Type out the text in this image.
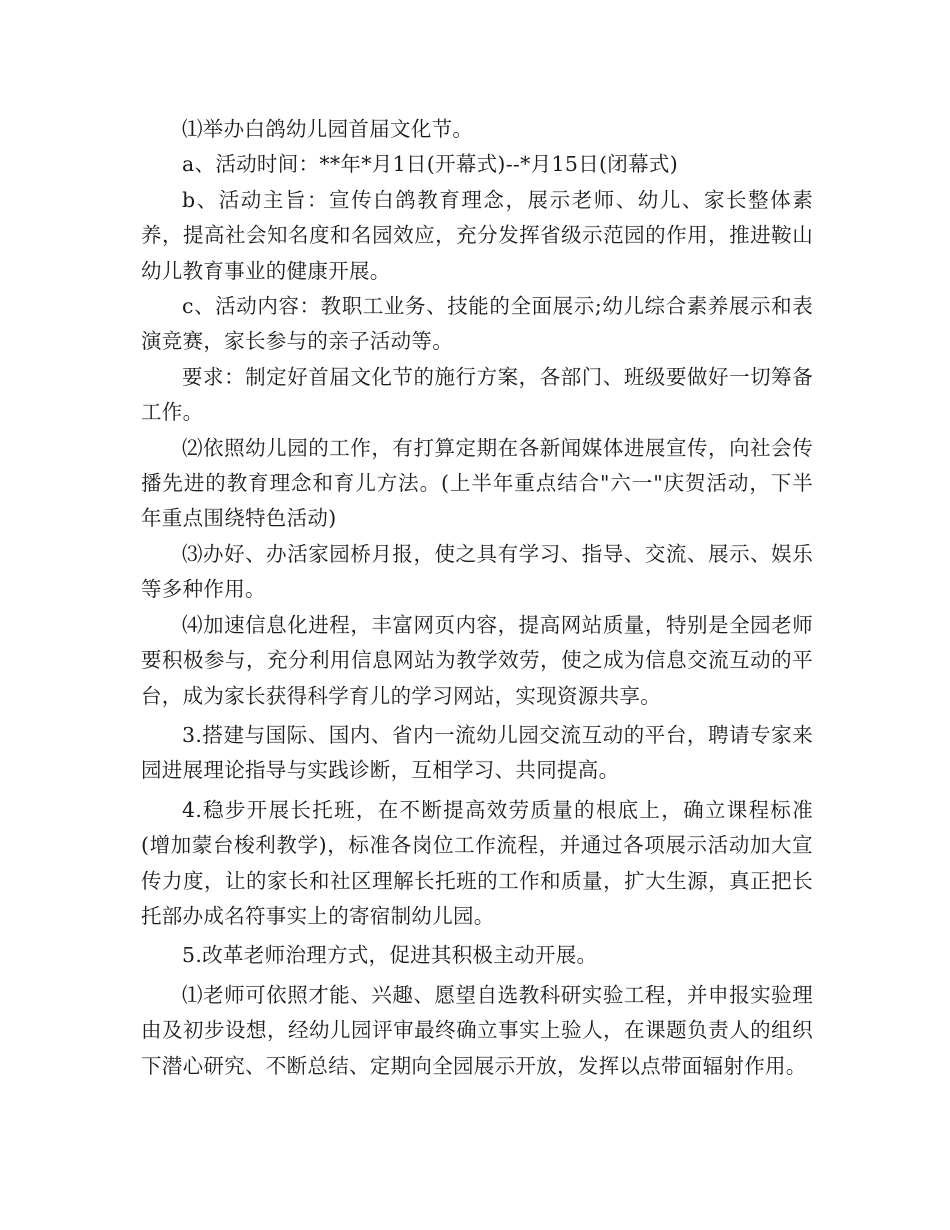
⑴举办白鸽幼儿园首届文化节。

a、活动时间：**年*月1日(开幕式)--*月15日(闭幕式)

b、活动主旨：宣传白鸽教育理念，展示老师、幼儿、家长整体素养，提高社会知名度和名园效应，充分发挥省级示范园的作用，推进鞍山幼儿教育事业的健康开展。

c、活动内容：教职工业务、技能的全面展示;幼儿综合素养展示和表演竞赛，家长参与的亲子活动等。

要求：制定好首届文化节的施行方案，各部门、班级要做好一切筹备工作。

⑵依照幼儿园的工作，有打算定期在各新闻媒体进展宣传，向社会传播先进的教育理念和育儿方法。(上半年重点结合"六一"庆贺活动，下半年重点围绕特色活动)

⑶办好、办活家园桥月报，使之具有学习、指导、交流、展示、娱乐等多种作用。

⑷加速信息化进程，丰富网页内容，提高网站质量，特别是全园老师要积极参与，充分利用信息网站为教学效劳，使之成为信息交流互动的平台，成为家长获得科学育儿的学习网站，实现资源共享。

3.搭建与国际、国内、省内一流幼儿园交流互动的平台，聘请专家来园进展理论指导与实践诊断，互相学习、共同提高。

4.稳步开展长托班，在不断提高效劳质量的根底上，确立课程标准(增加蒙台梭利教学)，标准各岗位工作流程，并通过各项展示活动加大宣传力度，让的家长和社区理解长托班的工作和质量，扩大生源，真正把长托部办成名符事实上的寄宿制幼儿园。

5.改革老师治理方式，促进其积极主动开展。

⑴老师可依照才能、兴趣、愿望自选教科研实验工程，并申报实验理由及初步设想，经幼儿园评审最终确立事实上验人，在课题负责人的组织下潜心研究、不断总结、定期向全园展示开放，发挥以点带面辐射作用。
